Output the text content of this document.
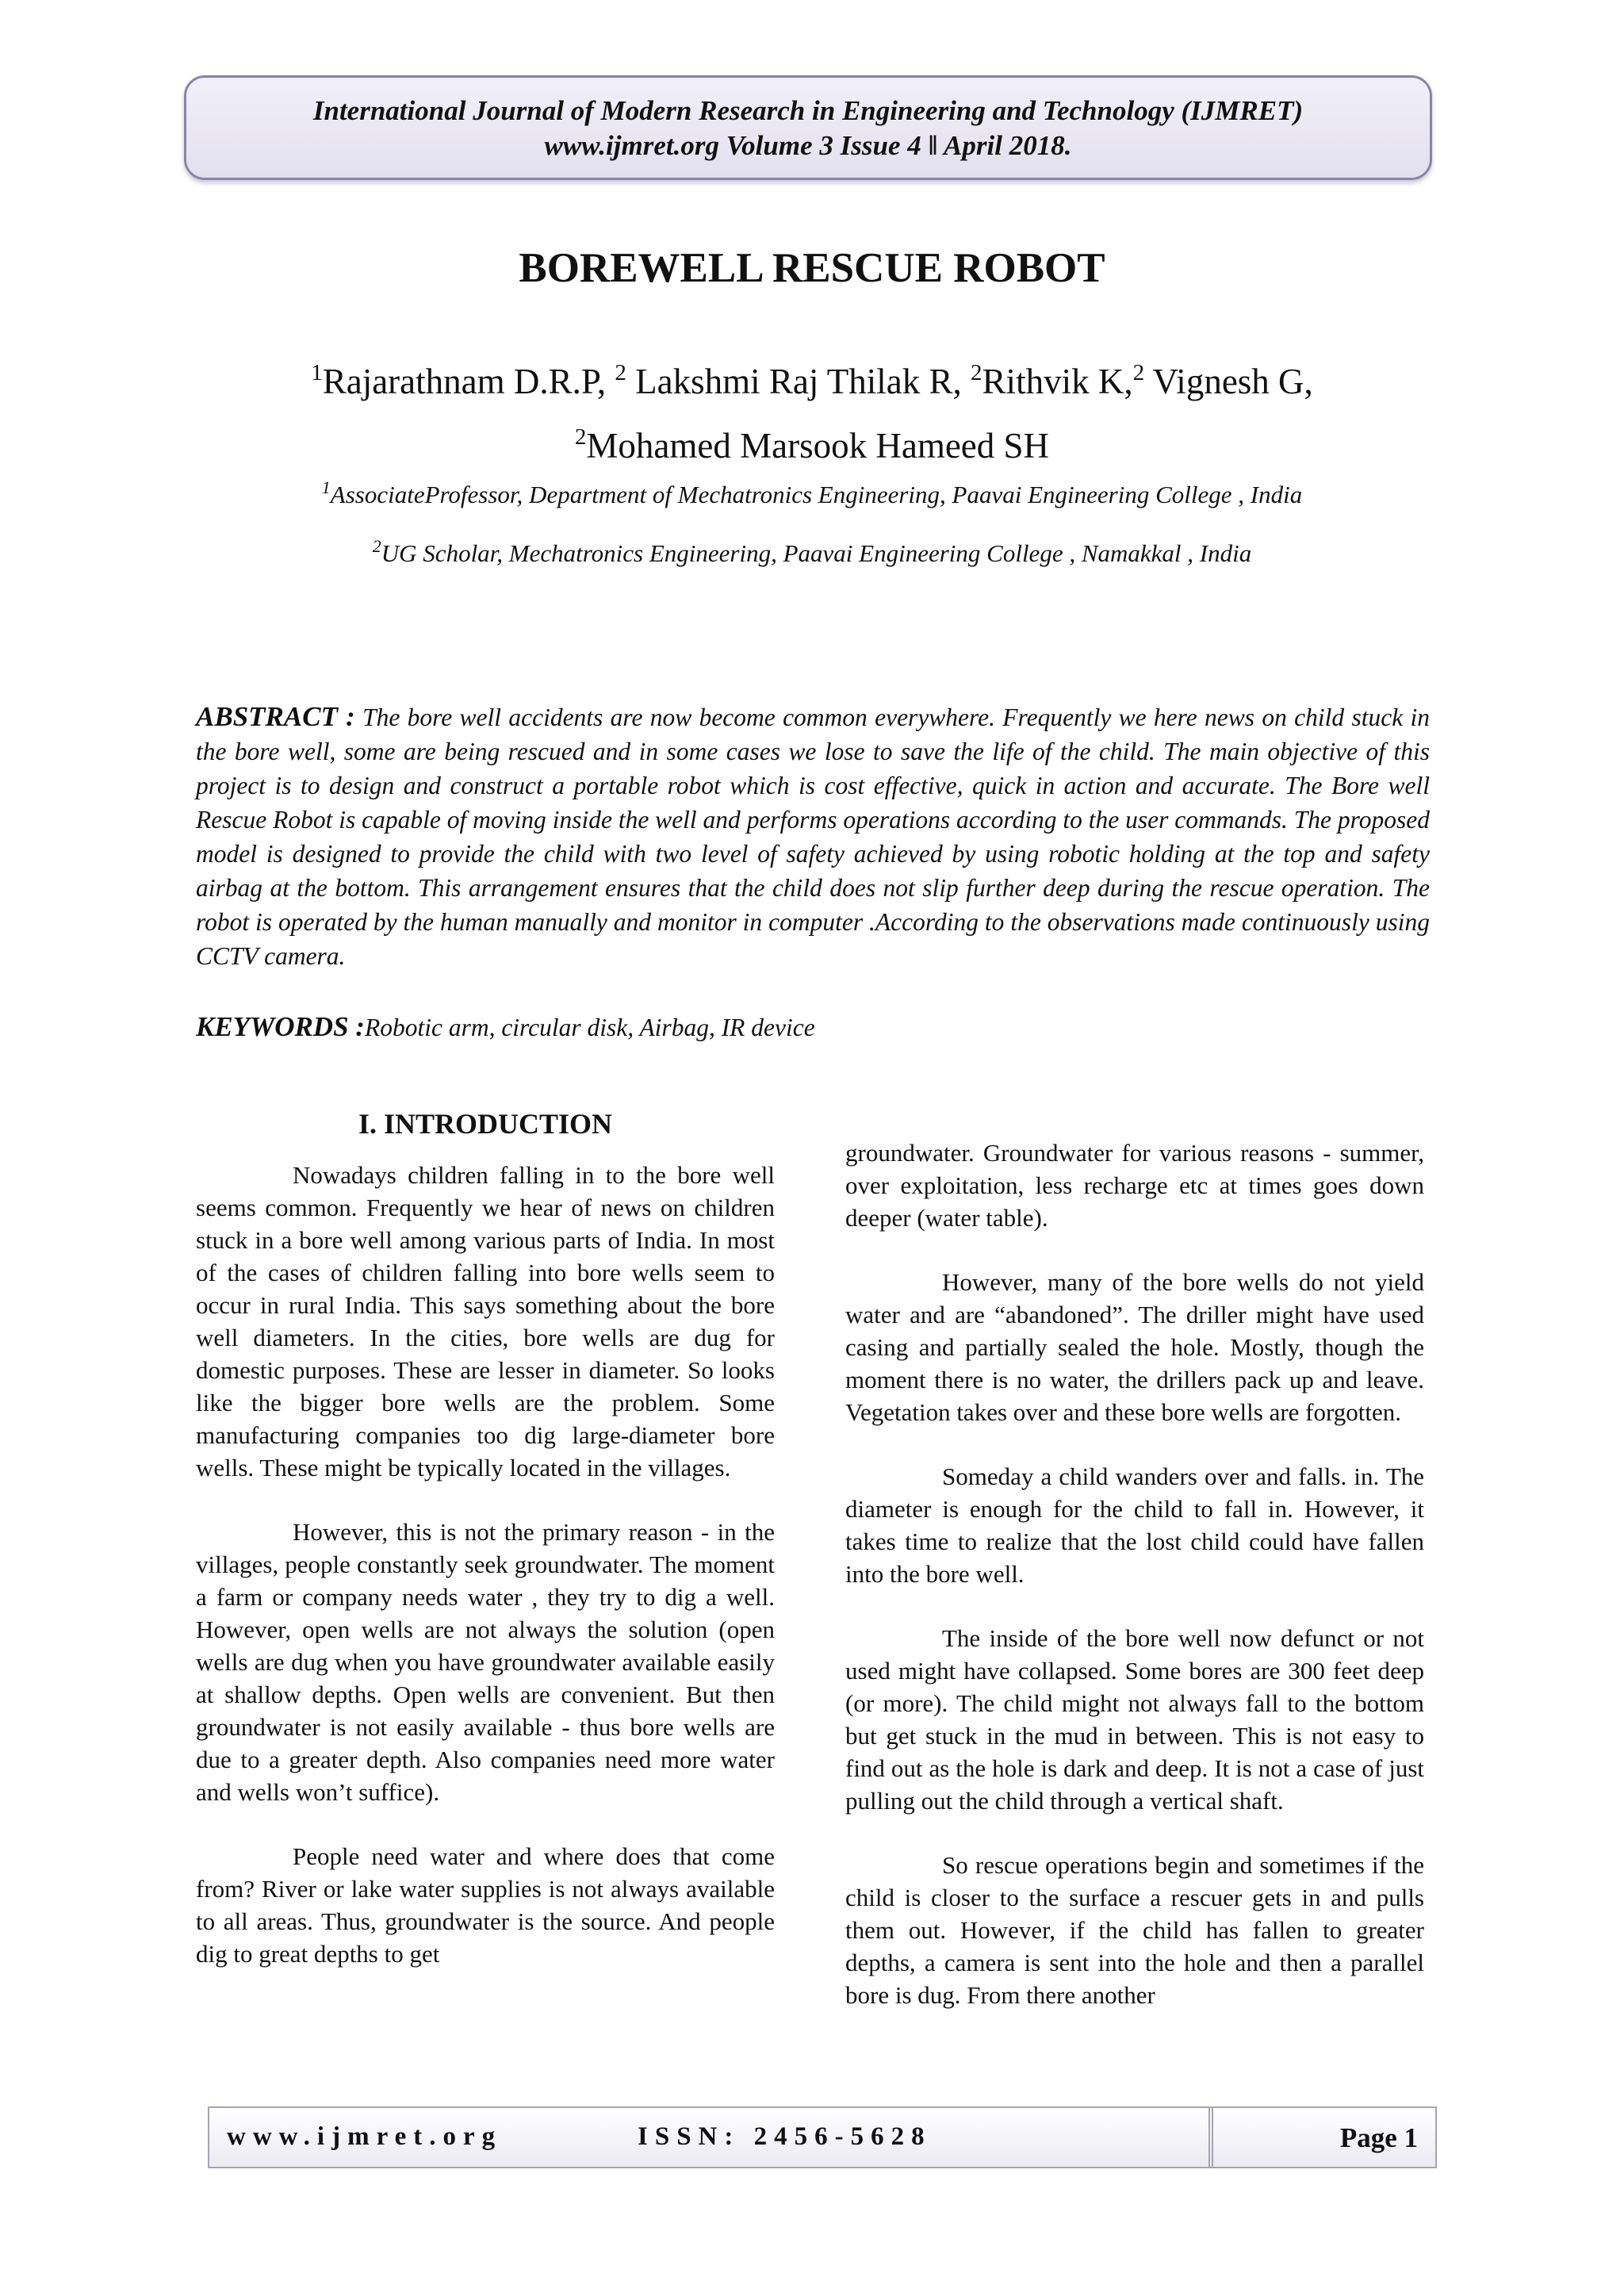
International Journal of Modern Research in Engineering and Technology (IJMRET)
www.ijmret.org Volume 3 Issue 4 ǁ April 2018.
BOREWELL RESCUE ROBOT
$^1$Rajarathnam D.R.P, $^2$ Lakshmi Raj Thilak R, $^2$Rithvik K,$^2$ Vignesh G,
$^2$Mohamed Marsook Hameed SH
$^1$AssociateProfessor, Department of Mechatronics Engineering, Paavai Engineering College , India
$^2$UG Scholar, Mechatronics Engineering, Paavai Engineering College , Namakkal , India
ABSTRACT : The bore well accidents are now become common everywhere. Frequently we here news on child stuck in the bore well, some are being rescued and in some cases we lose to save the life of the child. The main objective of this project is to design and construct a portable robot which is cost effective, quick in action and accurate. The Bore well Rescue Robot is capable of moving inside the well and performs operations according to the user commands. The proposed model is designed to provide the child with two level of safety achieved by using robotic holding at the top and safety airbag at the bottom. This arrangement ensures that the child does not slip further deep during the rescue operation. The robot is operated by the human manually and monitor in computer .According to the observations made continuously using CCTV camera.
KEYWORDS :Robotic arm, circular disk, Airbag, IR device
I. INTRODUCTION

Nowadays children falling in to the bore well seems common. Frequently we hear of news on children stuck in a bore well among various parts of India. In most of the cases of children falling into bore wells seem to occur in rural India. This says something about the bore well diameters. In the cities, bore wells are dug for domestic purposes. These are lesser in diameter. So looks like the bigger bore wells are the problem. Some manufacturing companies too dig large-diameter bore wells. These might be typically located in the villages.

However, this is not the primary reason - in the villages, people constantly seek groundwater. The moment a farm or company needs water , they try to dig a well. However, open wells are not always the solution (open wells are dug when you have groundwater available easily at shallow depths. Open wells are convenient. But then groundwater is not easily available - thus bore wells are due to a greater depth. Also companies need more water and wells won’t suffice).

People need water and where does that come from? River or lake water supplies is not always available to all areas. Thus, groundwater is the source. And people dig to great depths to get

groundwater. Groundwater for various reasons - summer, over exploitation, less recharge etc at times goes down deeper (water table).

However, many of the bore wells do not yield water and are “abandoned”. The driller might have used casing and partially sealed the hole. Mostly, though the moment there is no water, the drillers pack up and leave. Vegetation takes over and these bore wells are forgotten.

Someday a child wanders over and falls. in. The diameter is enough for the child to fall in. However, it takes time to realize that the lost child could have fallen into the bore well.

The inside of the bore well now defunct or not used might have collapsed. Some bores are 300 feet deep (or more). The child might not always fall to the bottom but get stuck in the mud in between. This is not easy to find out as the hole is dark and deep. It is not a case of just pulling out the child through a vertical shaft.

So rescue operations begin and sometimes if the child is closer to the surface a rescuer gets in and pulls them out. However, if the child has fallen to greater depths, a camera is sent into the hole and then a parallel bore is dug. From there another

www.ijmret.org	ISSN: 2456-5628	Page 1
